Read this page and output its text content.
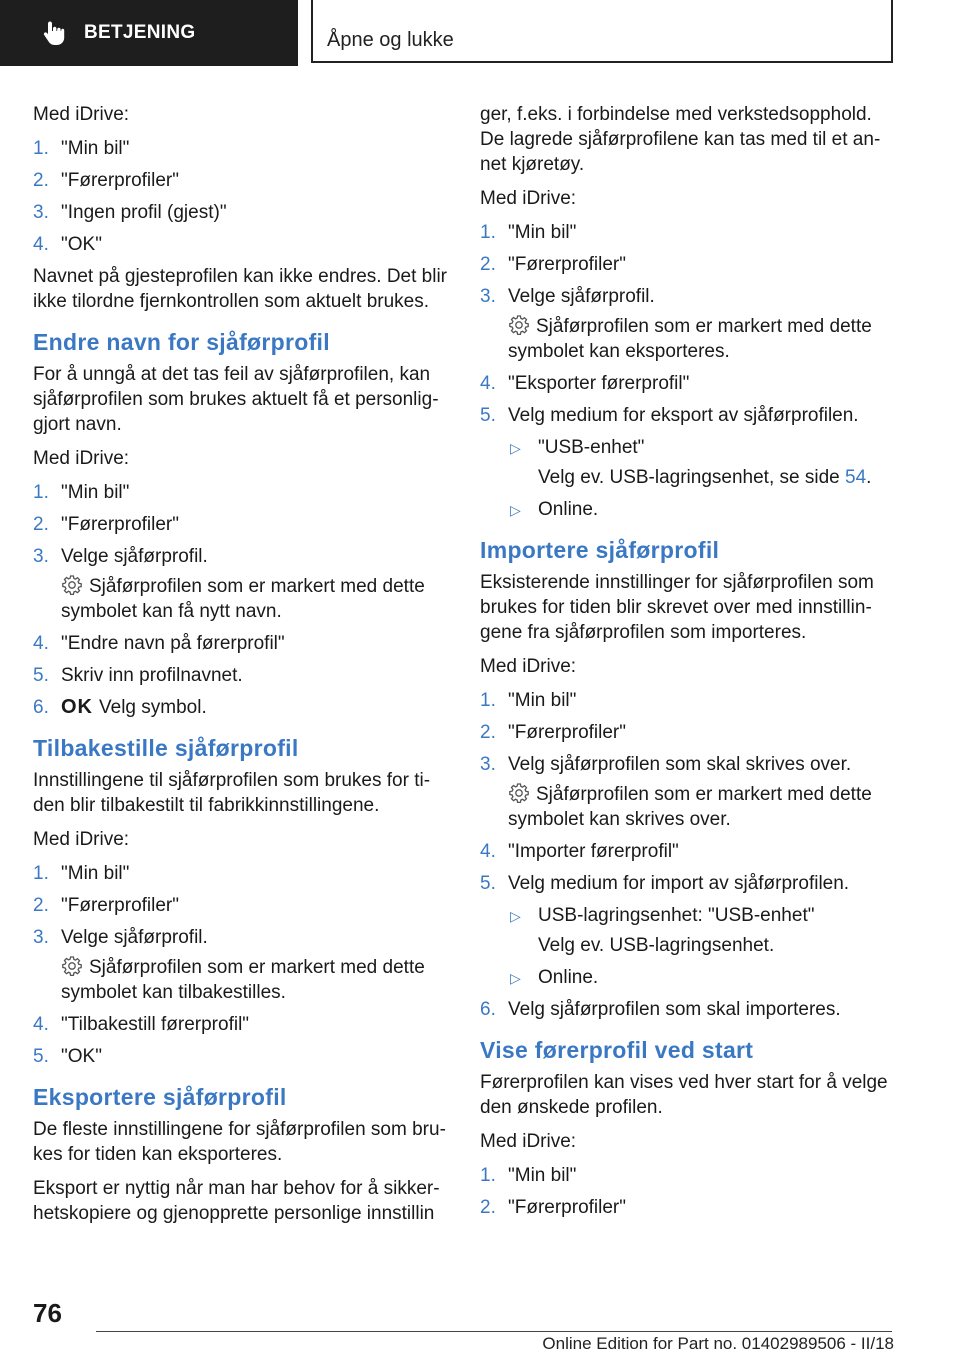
BETJENING	Åpne og lukke

Med iDrive:

1. "Min bil"
2. "Førerprofiler"
3. "Ingen profil (gjest)"
4. "OK"

Navnet på gjesteprofilen kan ikke endres. Det blir ikke tilordne fjernkontrollen som aktuelt brukes.

Endre navn for sjåførprofil

For å unngå at det tas feil av sjåførprofilen, kan sjåførprofilen som brukes aktuelt få et personliggjort navn.

Med iDrive:

1. "Min bil"
2. "Førerprofiler"
3. Velge sjåførprofil.
Sjåførprofilen som er markert med dette symbolet kan få nytt navn.
4. "Endre navn på førerprofil"
5. Skriv inn profilnavnet.
6. OK Velg symbol.
Tilbakestille sjåførprofil

Innstillingene til sjåførprofilen som brukes for tiden blir tilbakestilt til fabrikkinnstillingene.

Med iDrive:

1. "Min bil"
2. "Førerprofiler"
3. Velge sjåførprofil.
Sjåførprofilen som er markert med dette symbolet kan tilbakestilles.
4. "Tilbakestill førerprofil"
5. "OK"
Eksportere sjåførprofil

De fleste innstillingene for sjåførprofilen som brukes for tiden kan eksporteres.

Eksport er nyttig når man har behov for å sikkerhetskopiere og gjenopprette personlige innstillin

ger, f.eks. i forbindelse med verkstedsopphold. De lagrede sjåførprofilene kan tas med til et annet kjøretøy.

Med iDrive:

1. "Min bil"
2. "Førerprofiler"
3. Velge sjåførprofil.
Sjåførprofilen som er markert med dette symbolet kan eksporteres.
4. "Eksporter førerprofil"
5. Velg medium for eksport av sjåførprofilen.
▷ "USB-enhet"
Velg ev. USB-lagringsenhet, se side 54.
▷ Online.
Importere sjåførprofil

Eksisterende innstillinger for sjåførprofilen som brukes for tiden blir skrevet over med innstillingene fra sjåførprofilen som importeres.

Med iDrive:

1. "Min bil"
2. "Førerprofiler"
3. Velg sjåførprofilen som skal skrives over.
Sjåførprofilen som er markert med dette symbolet kan skrives over.
4. "Importer førerprofil"
5. Velg medium for import av sjåførprofilen.
▷ USB-lagringsenhet: "USB-enhet"
Velg ev. USB-lagringsenhet.
▷ Online.
6. Velg sjåførprofilen som skal importeres.
Vise førerprofil ved start

Førerprofilen kan vises ved hver start for å velge den ønskede profilen.

Med iDrive:

1. "Min bil"
2. "Førerprofiler"
76
Online Edition for Part no. 01402989506 - II/18
